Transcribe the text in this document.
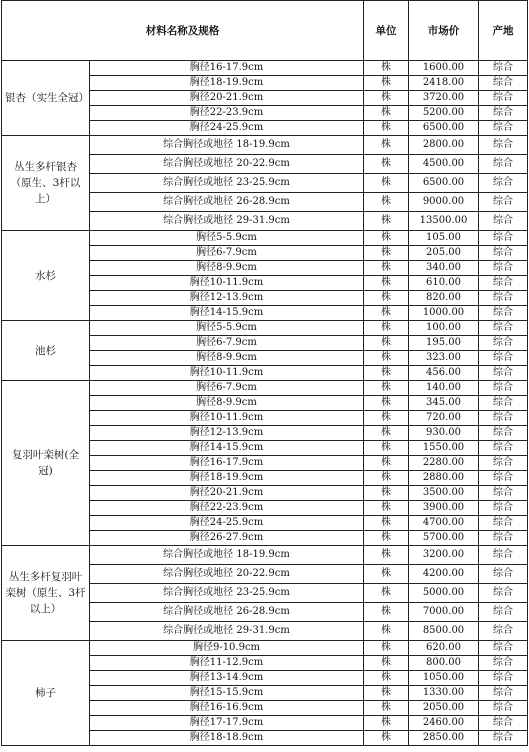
材料名称及规格		单位	市场价	产地
银杏（实生全冠）	胸径16-17.9cm	株	1600.00	综合
	胸径18-19.9cm	株	2418.00	综合
	胸径20-21.9cm	株	3720.00	综合
	胸径22-23.9cm	株	5200.00	综合
	胸径24-25.9cm	株	6500.00	综合
丛生多杆银杏（原生、3杆以上）	综合胸径或地径 18-19.9cm	株	2800.00	综合
	综合胸径或地径 20-22.9cm	株	4500.00	综合
	综合胸径或地径 23-25.9cm	株	6500.00	综合
	综合胸径或地径 26-28.9cm	株	9000.00	综合
	综合胸径或地径 29-31.9cm	株	13500.00	综合
水杉	胸径5-5.9cm	株	105.00	综合
	胸径6-7.9cm	株	205.00	综合
	胸径8-9.9cm	株	340.00	综合
	胸径10-11.9cm	株	610.00	综合
	胸径12-13.9cm	株	820.00	综合
	胸径14-15.9cm	株	1000.00	综合
池杉	胸径5-5.9cm	株	100.00	综合
	胸径6-7.9cm	株	195.00	综合
	胸径8-9.9cm	株	323.00	综合
	胸径10-11.9cm	株	456.00	综合
复羽叶栾树(全冠)	胸径6-7.9cm	株	140.00	综合
	胸径8-9.9cm	株	345.00	综合
	胸径10-11.9cm	株	720.00	综合
	胸径12-13.9cm	株	930.00	综合
	胸径14-15.9cm	株	1550.00	综合
	胸径16-17.9cm	株	2280.00	综合
	胸径18-19.9cm	株	2880.00	综合
	胸径20-21.9cm	株	3500.00	综合
	胸径22-23.9cm	株	3900.00	综合
	胸径24-25.9cm	株	4700.00	综合
	胸径26-27.9cm	株	5700.00	综合
丛生多杆复羽叶栾树（原生、3杆以上）	综合胸径或地径 18-19.9cm	株	3200.00	综合
	综合胸径或地径 20-22.9cm	株	4200.00	综合
	综合胸径或地径 23-25.9cm	株	5000.00	综合
	综合胸径或地径 26-28.9cm	株	7000.00	综合
	综合胸径或地径 29-31.9cm	株	8500.00	综合
柿子	胸径9-10.9cm	株	620.00	综合
	胸径11-12.9cm	株	800.00	综合
	胸径13-14.9cm	株	1050.00	综合
	胸径15-15.9cm	株	1330.00	综合
	胸径16-16.9cm	株	2050.00	综合
	胸径17-17.9cm	株	2460.00	综合
	胸径18-18.9cm	株	2850.00	综合
